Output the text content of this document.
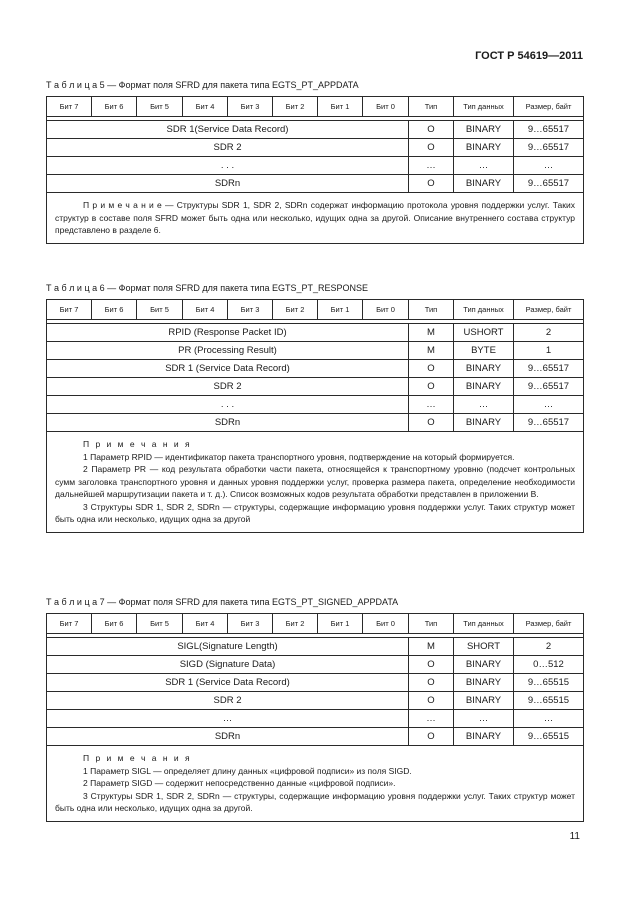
ГОСТ Р 54619—2011

Т а б л и ц а 5 — Формат поля SFRD для пакета типа EGTS_PT_APPDATA

Бит 7	Бит 6	Бит 5	Бит 4	Бит 3	Бит 2	Бит 1	Бит 0	Тип	Тип данных	Размер, байт

SDR 1(Service Data Record)								O	BINARY	9…65517
SDR 2								O	BINARY	9…65517
. . .								…	…	…
SDRn								O	BINARY	9…65517

П р и м е ч а н и е — Структуры SDR 1, SDR 2, SDRn содержат информацию протокола уровня поддержки услуг. Таких структур в составе поля SFRD может быть одна или несколько, идущих одна за другой. Описание внутреннего состава структур представлено в разделе 6.										

Т а б л и ц а 6 — Формат поля SFRD для пакета типа EGTS_PT_RESPONSE

Бит 7	Бит 6	Бит 5	Бит 4	Бит 3	Бит 2	Бит 1	Бит 0	Тип	Тип данных	Размер, байт

RPID (Response Packet ID)								M	USHORT	2
PR (Processing Result)								M	BYTE	1
SDR 1 (Service Data Record)								O	BINARY	9…65517
SDR 2								O	BINARY	9…65517
. . .								…	…	…
SDRn								O	BINARY	9…65517

П р и м е ч а н и я
1 Параметр RPID — идентификатор пакета транспортного уровня, подтверждение на который формируется.
2 Параметр PR — код результата обработки части пакета, относящейся к транспортному уровню (подсчет контрольных сумм заголовка транспортного уровня и данных уровня поддержки услуг, проверка размера пакета, определение необходимости дальнейшей маршрутизации пакета и т. д.). Список возможных кодов результата обработки представлен в приложении В.
3 Структуры SDR 1, SDR 2, SDRn — структуры, содержащие информацию уровня поддержки услуг. Таких структур может быть одна или несколько, идущих одна за другой										

Т а б л и ц а 7 — Формат поля SFRD для пакета типа EGTS_PT_SIGNED_APPDATA

Бит 7	Бит 6	Бит 5	Бит 4	Бит 3	Бит 2	Бит 1	Бит 0	Тип	Тип данных	Размер, байт

SIGL(Signature Length)								M	SHORT	2
SIGD (Signature Data)								O	BINARY	0…512
SDR 1 (Service Data Record)								O	BINARY	9…65515
SDR 2								O	BINARY	9…65515
…								…	…	…
SDRn								O	BINARY	9…65515

П р и м е ч а н и я
1 Параметр SIGL — определяет длину данных «цифровой подписи» из поля SIGD.
2 Параметр SIGD — содержит непосредственно данные «цифровой подписи».
3 Структуры SDR 1, SDR 2, SDRn — структуры, содержащие информацию уровня поддержки услуг. Таких структур может быть одна или несколько, идущих одна за другой.										
11
